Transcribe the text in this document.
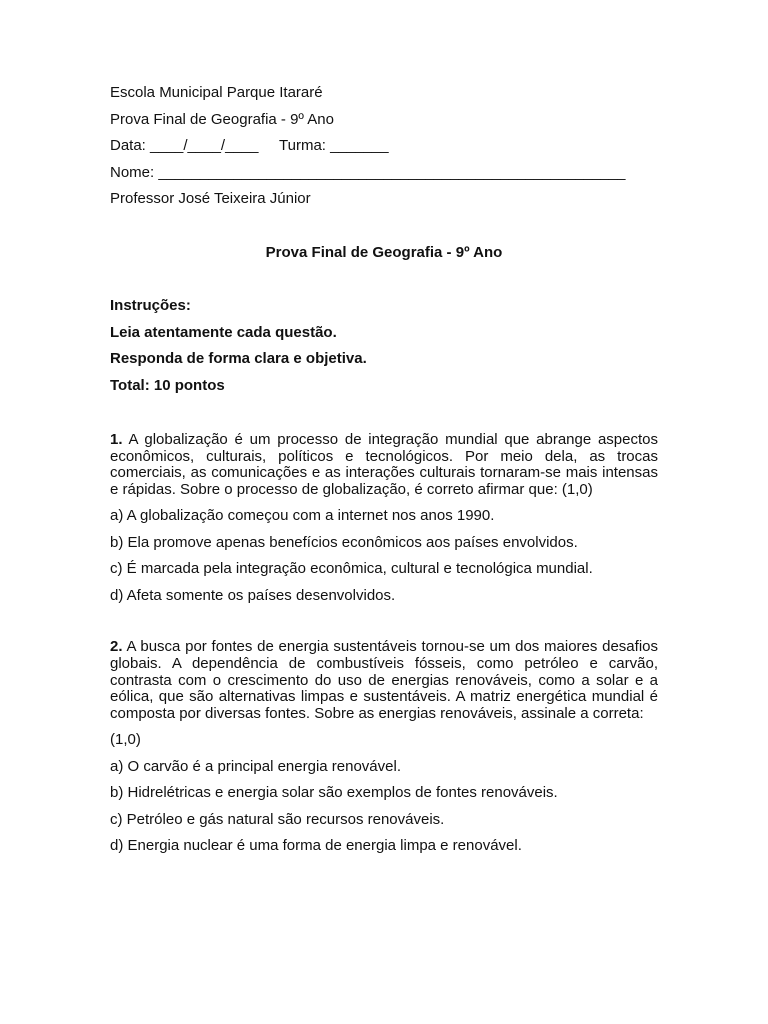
Escola Municipal Parque Itararé
Prova Final de Geografia - 9º Ano
Data: ____/____/____     Turma: _______
Nome: ________________________________________________________
Professor José Teixeira Júnior
Prova Final de Geografia - 9º Ano
Instruções:
Leia atentamente cada questão.
Responda de forma clara e objetiva.
Total: 10 pontos
1. A globalização é um processo de integração mundial que abrange aspectos econômicos, culturais, políticos e tecnológicos. Por meio dela, as trocas comerciais, as comunicações e as interações culturais tornaram-se mais intensas e rápidas. Sobre o processo de globalização, é correto afirmar que: (1,0)
a) A globalização começou com a internet nos anos 1990.
b) Ela promove apenas benefícios econômicos aos países envolvidos.
c) É marcada pela integração econômica, cultural e tecnológica mundial.
d) Afeta somente os países desenvolvidos.
2. A busca por fontes de energia sustentáveis tornou-se um dos maiores desafios globais. A dependência de combustíveis fósseis, como petróleo e carvão, contrasta com o crescimento do uso de energias renováveis, como a solar e a eólica, que são alternativas limpas e sustentáveis. A matriz energética mundial é composta por diversas fontes. Sobre as energias renováveis, assinale a correta:
(1,0)
a) O carvão é a principal energia renovável.
b) Hidrelétricas e energia solar são exemplos de fontes renováveis.
c) Petróleo e gás natural são recursos renováveis.
d) Energia nuclear é uma forma de energia limpa e renovável.
